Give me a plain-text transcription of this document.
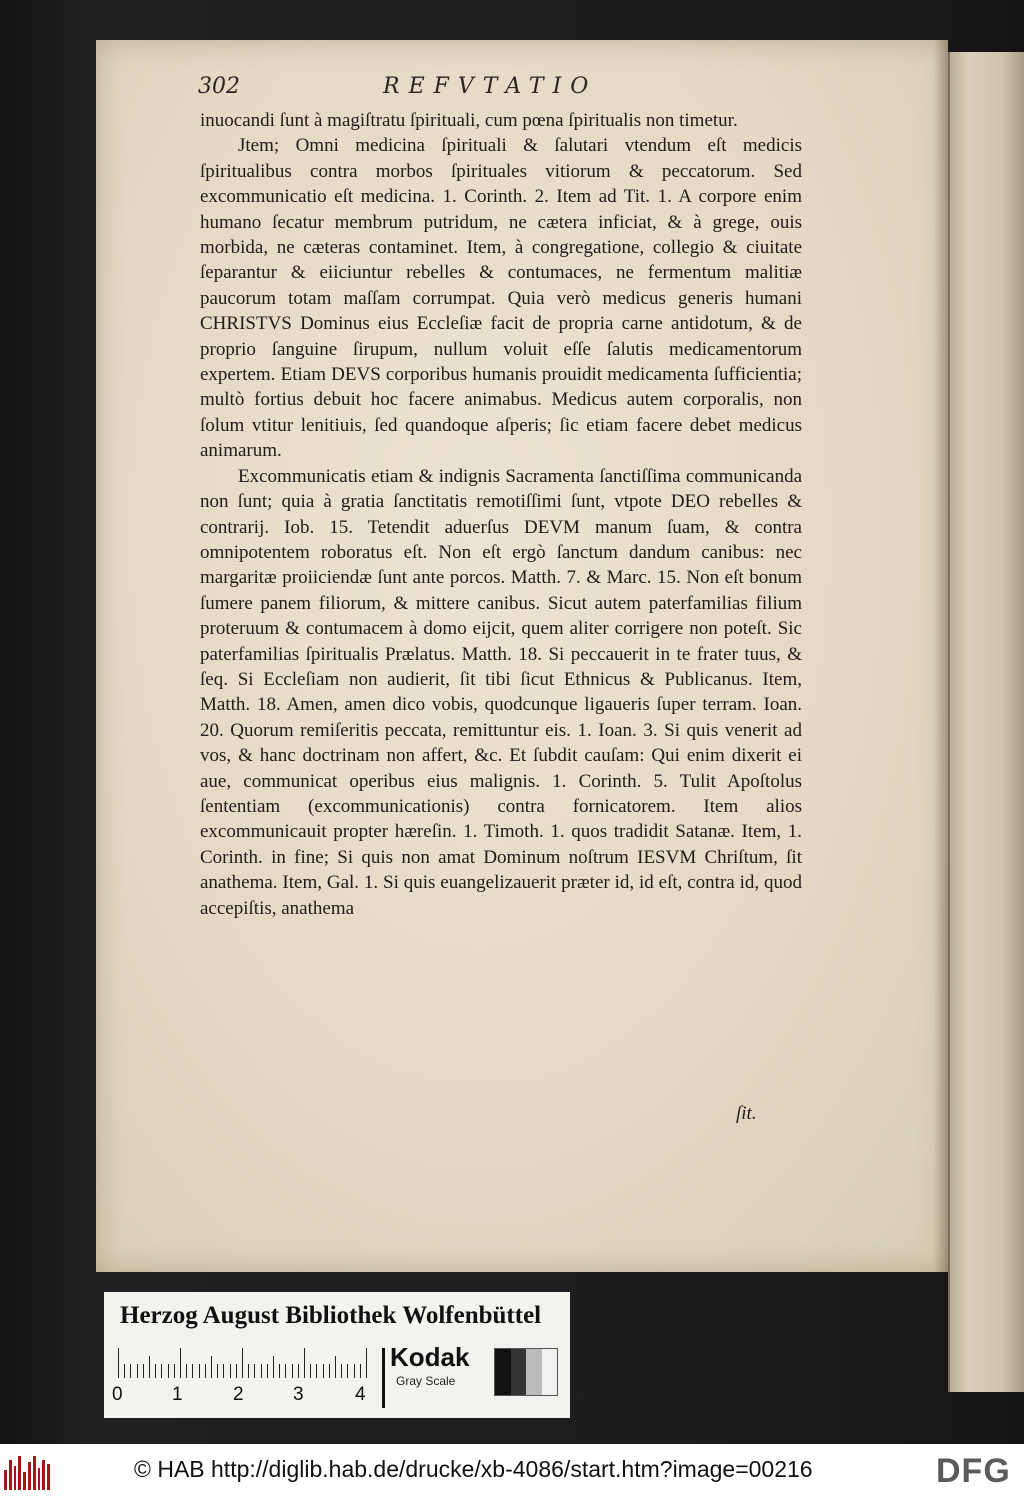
302	REFVTATIO

inuocandi ſunt à magiſtratu ſpirituali, cum pœna ſpiritualis non timetur.

Jtem; Omni medicina ſpirituali & ſalutari vtendum eſt medicis ſpiritualibus contra morbos ſpirituales vitiorum & peccatorum. Sed excommunicatio eſt medicina. 1. Corinth. 2. Item ad Tit. 1. A corpore enim humano ſecatur membrum putridum, ne cætera inficiat, & à grege, ouis morbida, ne cæteras contaminet. Item, à congregatione, collegio & ciuitate ſeparantur & eiiciuntur rebelles & contumaces, ne fermentum malitiæ paucorum totam maſſam corrumpat. Quia verò medicus generis humani CHRISTVS Dominus eius Eccleſiæ facit de propria carne antidotum, & de proprio ſanguine ſirupum, nullum voluit eſſe ſalutis medicamentorum expertem. Etiam DEVS corporibus humanis prouidit medicamenta ſufficientia; multò fortius debuit hoc facere animabus. Medicus autem corporalis, non ſolum vtitur lenitiuis, ſed quandoque aſperis; ſic etiam facere debet medicus animarum.

Excommunicatis etiam & indignis Sacramenta ſanctiſſima communicanda non ſunt; quia à gratia ſanctitatis remotiſſimi ſunt, vtpote DEO rebelles & contrarij. Iob. 15. Tetendit aduerſus DEVM manum ſuam, & contra omnipotentem roboratus eſt. Non eſt ergò ſanctum dandum canibus: nec margaritæ proiiciendæ ſunt ante porcos. Matth. 7. & Marc. 15. Non eſt bonum ſumere panem filiorum, & mittere canibus. Sicut autem paterfamilias filium proteruum & contumacem à domo eijcit, quem aliter corrigere non poteſt. Sic paterfamilias ſpiritualis Prælatus. Matth. 18. Si peccauerit in te frater tuus, & ſeq. Si Eccleſiam non audierit, ſit tibi ſicut Ethnicus & Publicanus. Item, Matth. 18. Amen, amen dico vobis, quodcunque ligaueris ſuper terram. Ioan. 20. Quorum remiſeritis peccata, remittuntur eis. 1. Ioan. 3. Si quis venerit ad vos, & hanc doctrinam non affert, &c. Et ſubdit cauſam: Qui enim dixerit ei aue, communicat operibus eius malignis. 1. Corinth. 5. Tulit Apoſtolus ſententiam (excommunicationis) contra fornicatorem. Item alios excommunicauit propter hæreſin. 1. Timoth. 1. quos tradidit Satanæ. Item, 1. Corinth. in fine; Si quis non amat Dominum noſtrum IESVM Chriſtum, ſit anathema. Item, Gal. 1. Si quis euangelizauerit præter id, id eſt, contra id, quod accepiſtis, anathema

ſit.
Herzog August Bibliothek Wolfenbüttel
0	1	2	3	4
Kodak
Gray Scale
© HAB http://diglib.hab.de/drucke/xb-4086/start.htm?image=00216	DFG
